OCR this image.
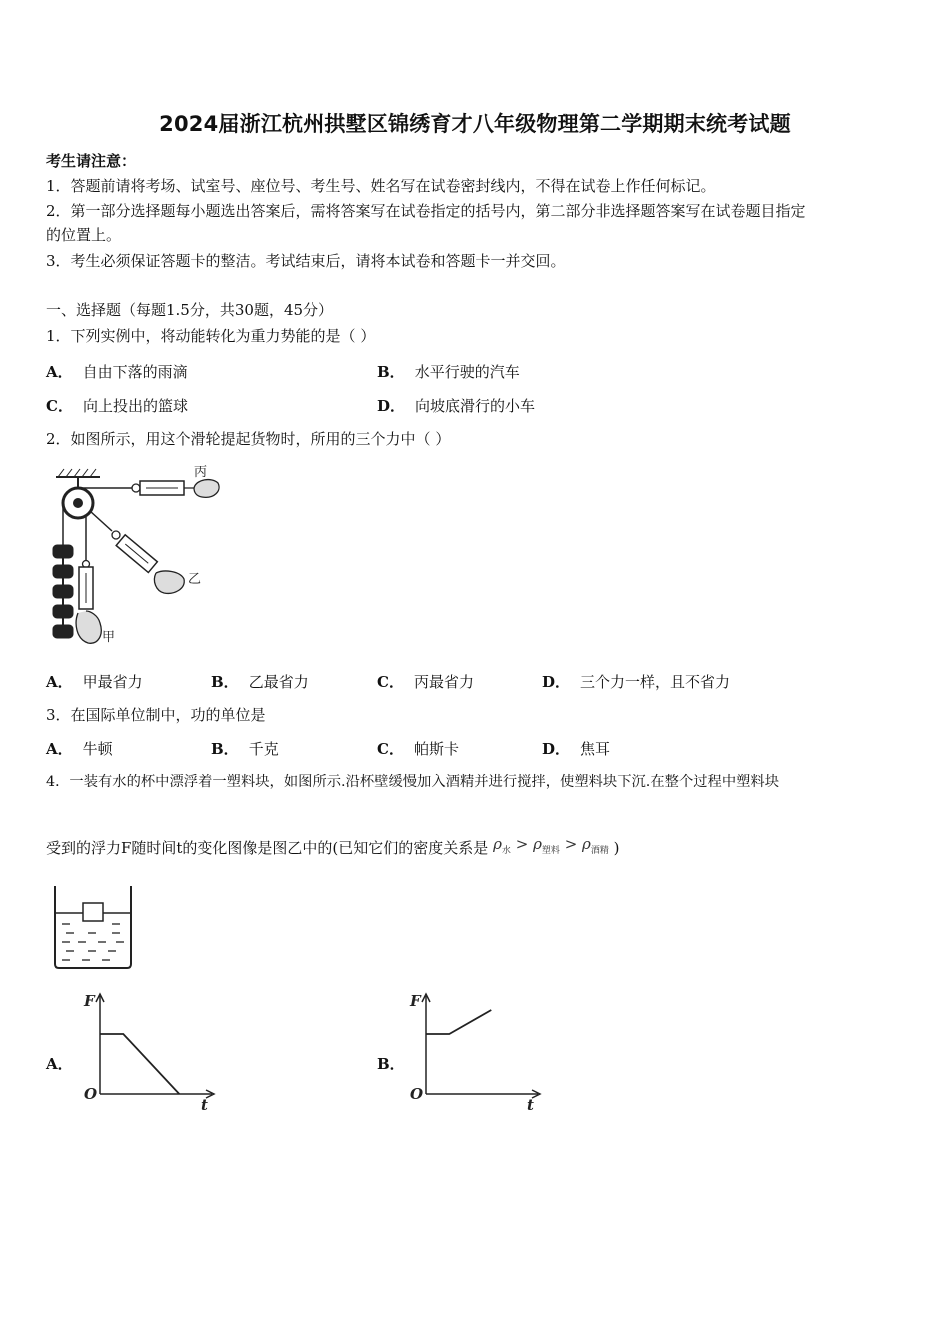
2024届浙江杭州拱墅区锦绣育才八年级物理第二学期期末统考试题
考生请注意：
1．答题前请将考场、试室号、座位号、考生号、姓名写在试卷密封线内，不得在试卷上作任何标记。
2．第一部分选择题每小题选出答案后，需将答案写在试卷指定的括号内，第二部分非选择题答案写在试卷题目指定
的位置上。
3．考生必须保证答题卡的整洁。考试结束后，请将本试卷和答题卡一并交回。
一、选择题（每题1.5分，共30题，45分）
1．下列实例中，将动能转化为重力势能的是（ ）
A． 自由下落的雨滴	B． 水平行驶的汽车
C． 向上投出的篮球	D． 向坡底滑行的小车
2．如图所示，用这个滑轮提起货物时，所用的三个力中（ ）
丙
乙
甲
A． 甲最省力	B． 乙最省力	C． 丙最省力	D． 三个力一样，且不省力
3．在国际单位制中，功的单位是
A． 牛顿	B． 千克	C． 帕斯卡	D． 焦耳
4．一装有水的杯中漂浮着一塑料块，如图所示.沿杯壁缓慢加入酒精并进行搅拌，使塑料块下沉.在整个过程中塑料块
受到的浮力F随时间t的变化图像是图乙中的(已知它们的密度关系是 $\rho_水 > \rho_{塑料} > \rho_{酒精}$ )
A．
F
t
O
B．
F
t
O
